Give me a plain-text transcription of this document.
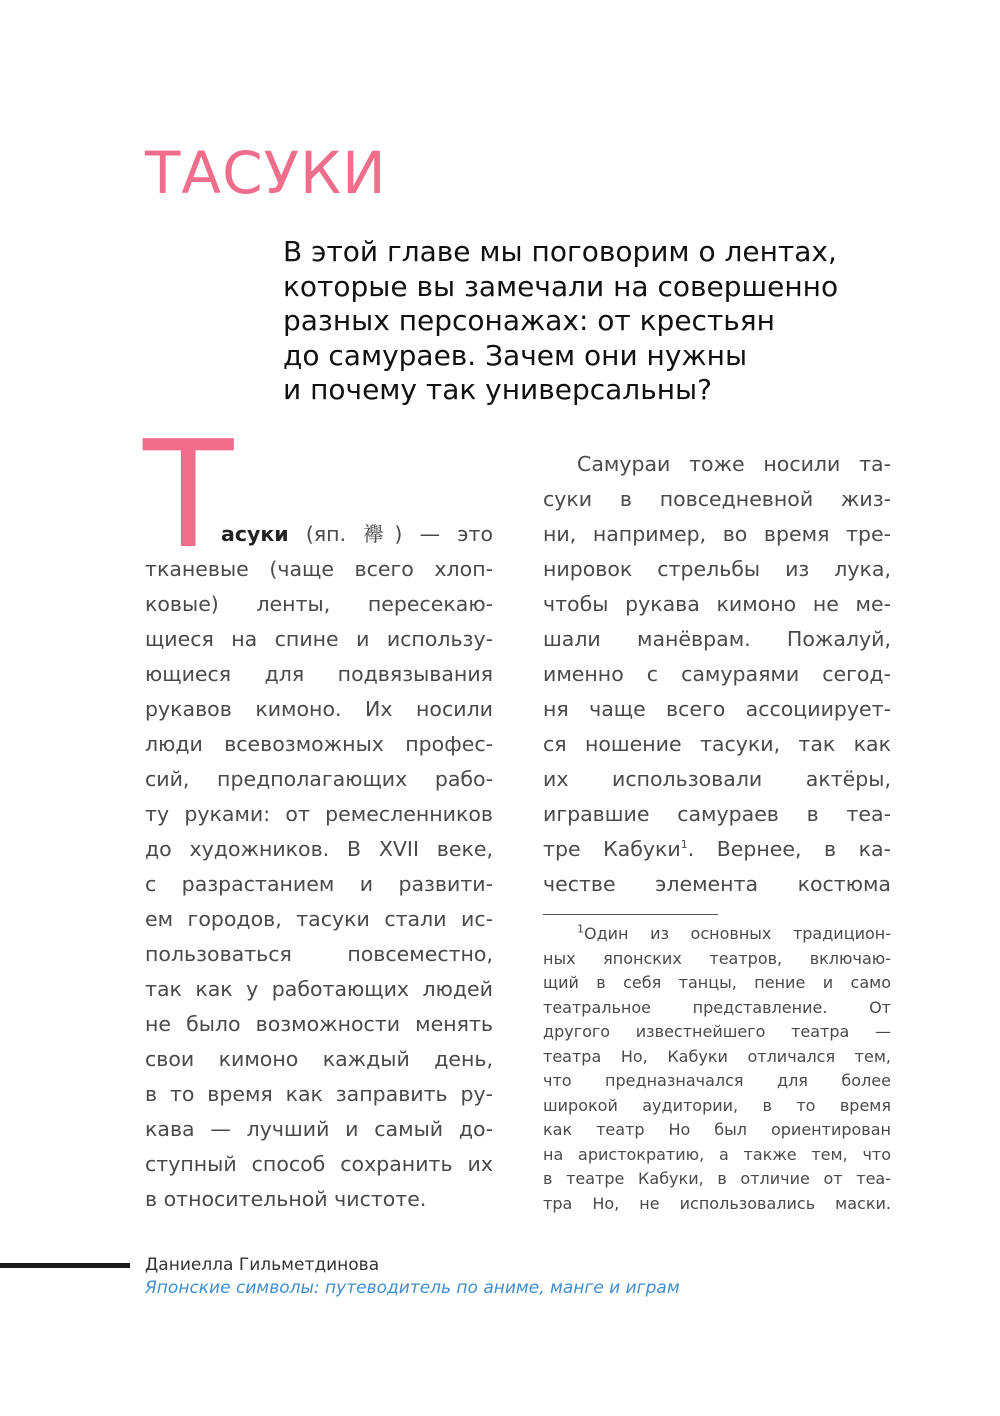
ТАСУКИ
В этой главе мы поговорим о лентах,
которые вы замечали на совершенно
разных персонажах: от крестьян
до самураев. Зачем они нужны
и почему так универсальны?
Т
асуки (яп. 襷) — это
тканевые (чаще всего хлоп-
ковые) ленты, пересекаю-
щиеся на спине и использу-
ющиеся для подвязывания
рукавов кимоно. Их носили
люди всевозможных профес-
сий, предполагающих рабо-
ту руками: от ремесленников
до художников. В XVII веке,
с разрастанием и развити-
ем городов, тасуки стали ис-
пользоваться повсеместно,
так как у работающих людей
не было возможности менять
свои кимоно каждый день,
в то время как заправить ру-
кава — лучший и самый до-
ступный способ сохранить их
в относительной чистоте.
Самураи тоже носили та-
суки в повседневной жиз-
ни, например, во время тре-
нировок стрельбы из лука,
чтобы рукава кимоно не ме-
шали манёврам. Пожалуй,
именно с самураями сегод-
ня чаще всего ассоциирует-
ся ношение тасуки, так как
их использовали актёры,
игравшие самураев в теа-
тре Кабуки$^1$. Вернее, в ка-
честве элемента костюма
$^1$Один из основных традицион-
ных японских театров, включаю-
щий в себя танцы, пение и само
театральное представление. От
другого известнейшего театра —
театра Но, Кабуки отличался тем,
что предназначался для более
широкой аудитории, в то время
как театр Но был ориентирован
на аристократию, а также тем, что
в театре Кабуки, в отличие от теа-
тра Но, не использовались маски.

Даниелла Гильметдинова

Японские символы: путеводитель по аниме, манге и играм
